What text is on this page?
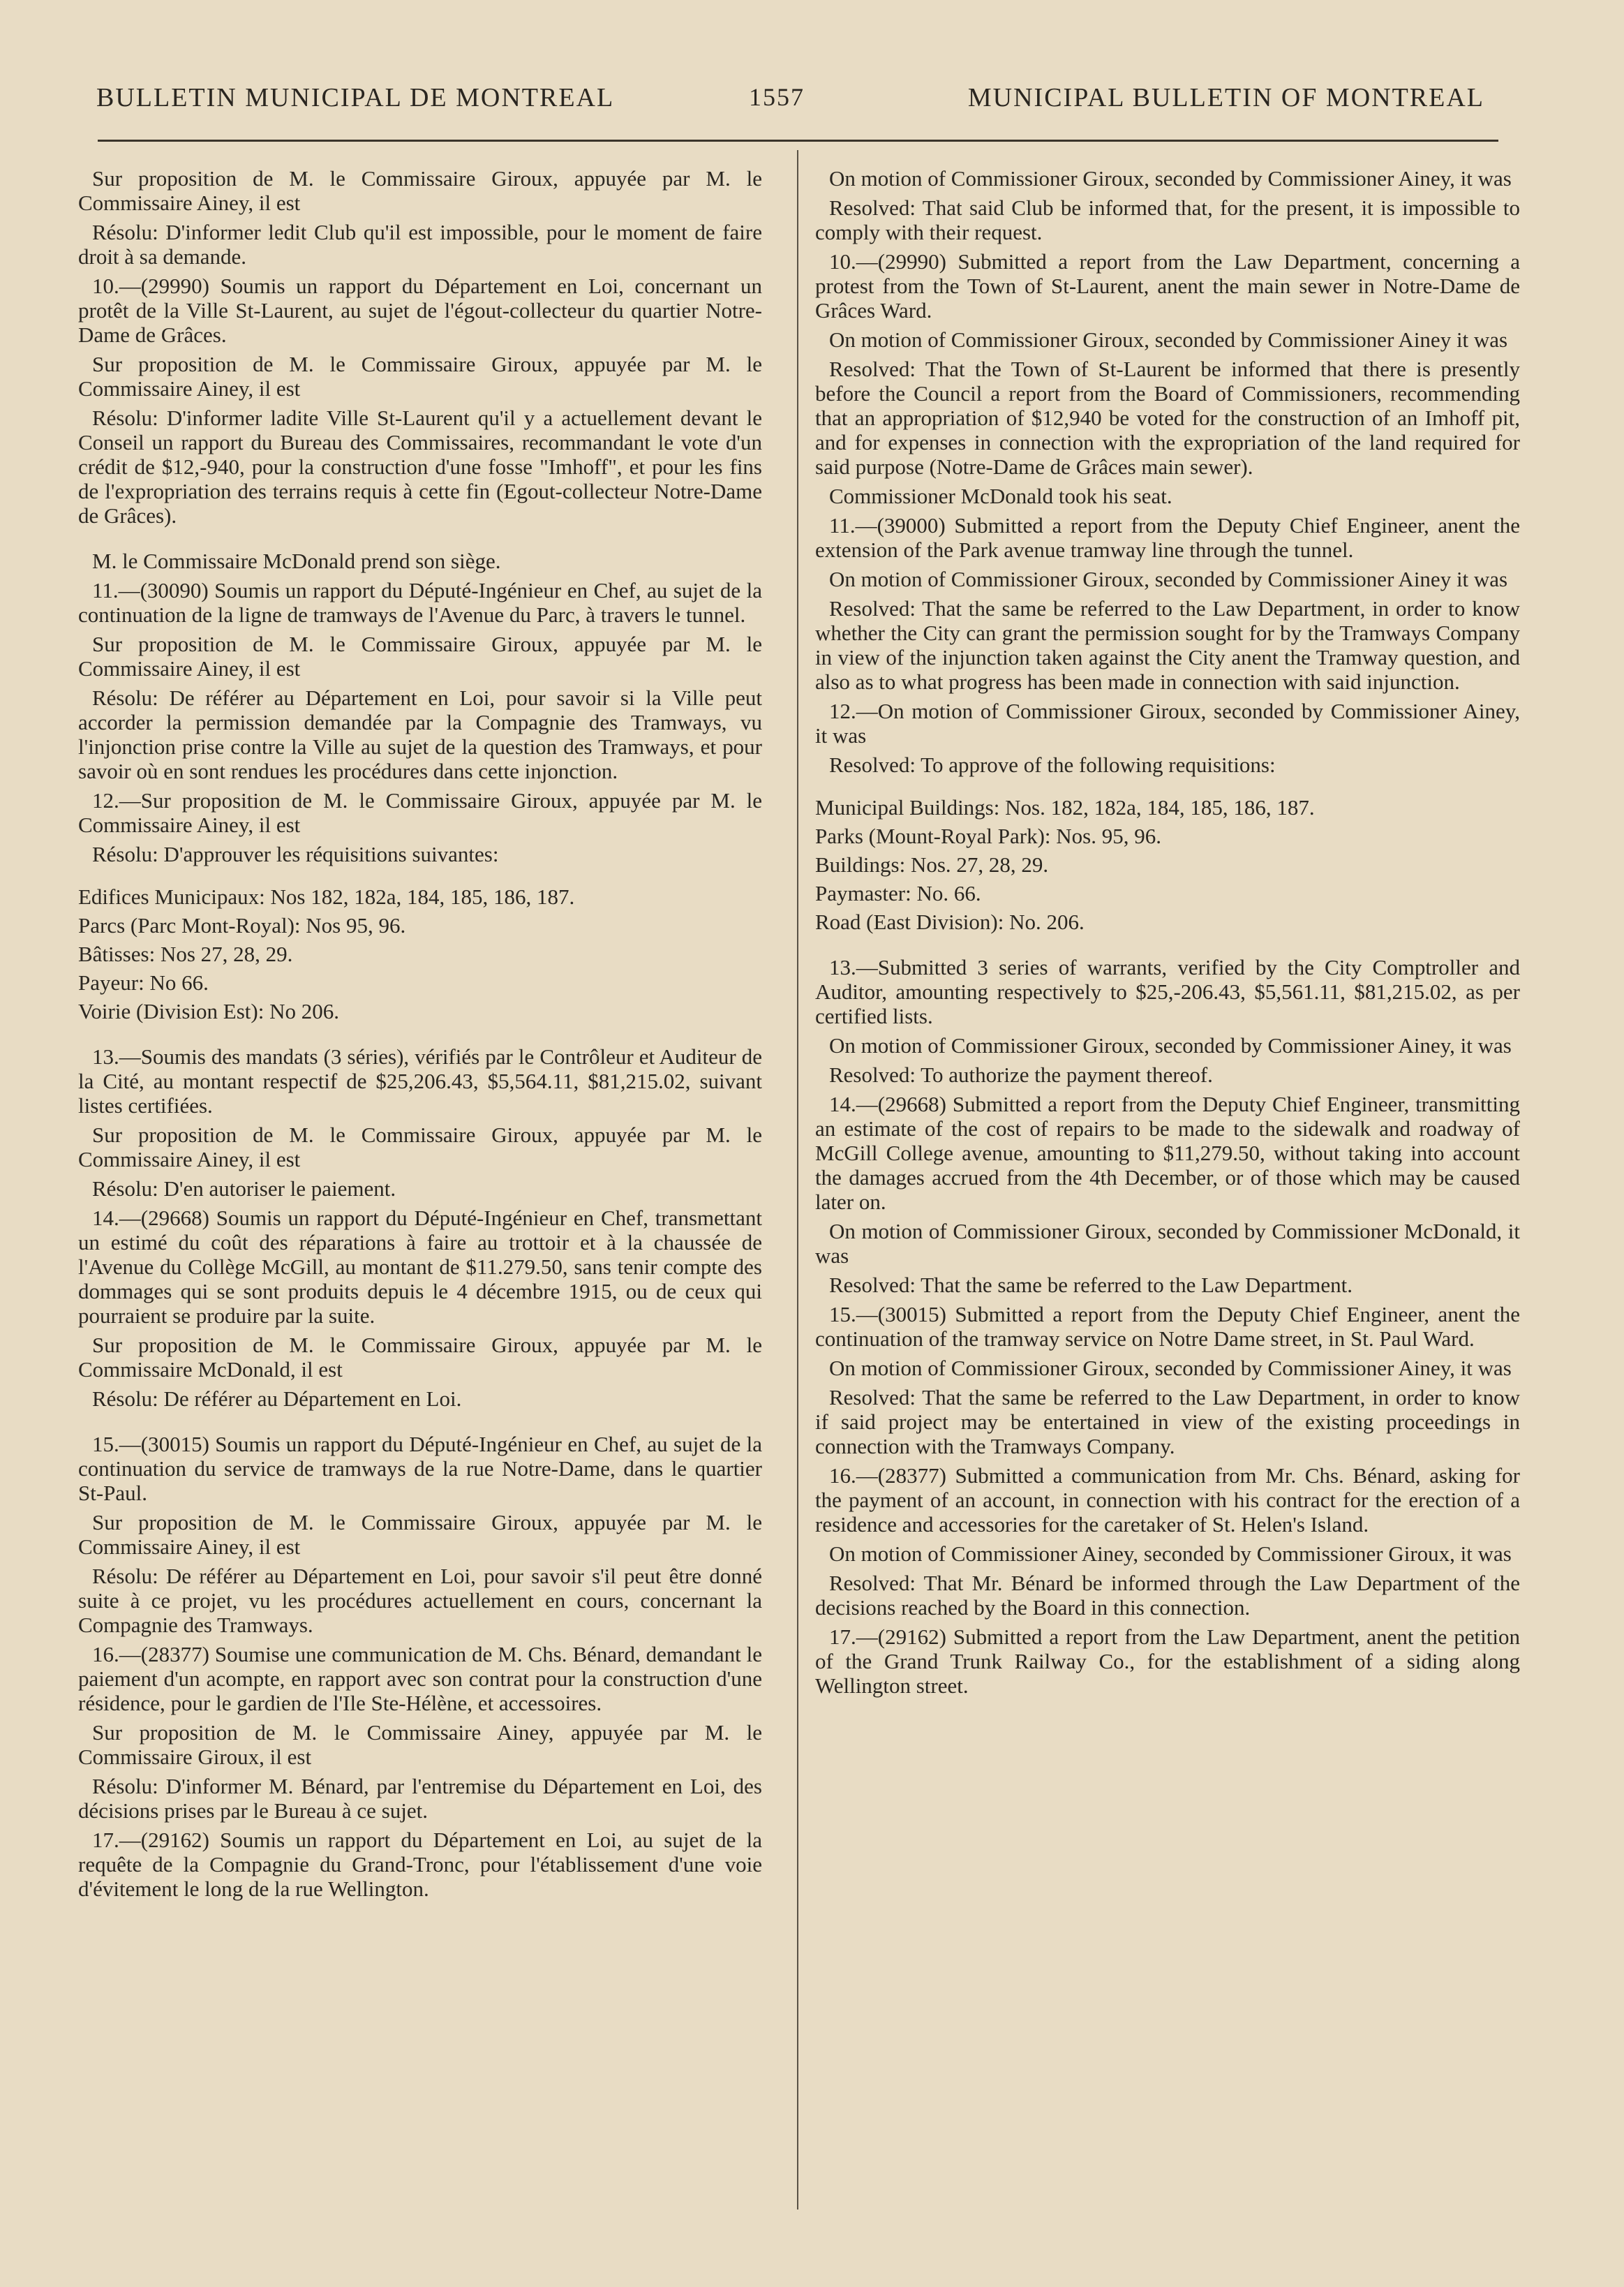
BULLETIN MUNICIPAL DE MONTREAL	1557	MUNICIPAL BULLETIN OF MONTREAL

Sur proposition de M. le Commissaire Giroux, appuyée par M. le Commissaire Ainey, il est

Résolu: D'informer ledit Club qu'il est impossible, pour le moment de faire droit à sa demande.

10.—(29990) Soumis un rapport du Département en Loi, concernant un protêt de la Ville St-Laurent, au sujet de l'égout-collecteur du quartier Notre-Dame de Grâces.

Sur proposition de M. le Commissaire Giroux, appuyée par M. le Commissaire Ainey, il est

Résolu: D'informer ladite Ville St-Laurent qu'il y a actuellement devant le Conseil un rapport du Bureau des Commissaires, recommandant le vote d'un crédit de $12,-940, pour la construction d'une fosse "Imhoff", et pour les fins de l'expropriation des terrains requis à cette fin (Egout-collecteur Notre-Dame de Grâces).

M. le Commissaire McDonald prend son siège.

11.—(30090) Soumis un rapport du Député-Ingénieur en Chef, au sujet de la continuation de la ligne de tramways de l'Avenue du Parc, à travers le tunnel.

Sur proposition de M. le Commissaire Giroux, appuyée par M. le Commissaire Ainey, il est

Résolu: De référer au Département en Loi, pour savoir si la Ville peut accorder la permission demandée par la Compagnie des Tramways, vu l'injonction prise contre la Ville au sujet de la question des Tramways, et pour savoir où en sont rendues les procédures dans cette injonction.

12.—Sur proposition de M. le Commissaire Giroux, appuyée par M. le Commissaire Ainey, il est

Résolu: D'approuver les réquisitions suivantes:

Edifices Municipaux: Nos 182, 182a, 184, 185, 186, 187.

Parcs (Parc Mont-Royal): Nos 95, 96.

Bâtisses: Nos 27, 28, 29.

Payeur: No 66.

Voirie (Division Est): No 206.

13.—Soumis des mandats (3 séries), vérifiés par le Contrôleur et Auditeur de la Cité, au montant respectif de $25,206.43, $5,564.11, $81,215.02, suivant listes certifiées.

Sur proposition de M. le Commissaire Giroux, appuyée par M. le Commissaire Ainey, il est

Résolu: D'en autoriser le paiement.

14.—(29668) Soumis un rapport du Député-Ingénieur en Chef, transmettant un estimé du coût des réparations à faire au trottoir et à la chaussée de l'Avenue du Collège McGill, au montant de $11.279.50, sans tenir compte des dommages qui se sont produits depuis le 4 décembre 1915, ou de ceux qui pourraient se produire par la suite.

Sur proposition de M. le Commissaire Giroux, appuyée par M. le Commissaire McDonald, il est

Résolu: De référer au Département en Loi.

15.—(30015) Soumis un rapport du Député-Ingénieur en Chef, au sujet de la continuation du service de tramways de la rue Notre-Dame, dans le quartier St-Paul.

Sur proposition de M. le Commissaire Giroux, appuyée par M. le Commissaire Ainey, il est

Résolu: De référer au Département en Loi, pour savoir s'il peut être donné suite à ce projet, vu les procédures actuellement en cours, concernant la Compagnie des Tramways.

16.—(28377) Soumise une communication de M. Chs. Bénard, demandant le paiement d'un acompte, en rapport avec son contrat pour la construction d'une résidence, pour le gardien de l'Ile Ste-Hélène, et accessoires.

Sur proposition de M. le Commissaire Ainey, appuyée par M. le Commissaire Giroux, il est

Résolu: D'informer M. Bénard, par l'entremise du Département en Loi, des décisions prises par le Bureau à ce sujet.

17.—(29162) Soumis un rapport du Département en Loi, au sujet de la requête de la Compagnie du Grand-Tronc, pour l'établissement d'une voie d'évitement le long de la rue Wellington.

On motion of Commissioner Giroux, seconded by Commissioner Ainey, it was

Resolved: That said Club be informed that, for the present, it is impossible to comply with their request.

10.—(29990) Submitted a report from the Law Department, concerning a protest from the Town of St-Laurent, anent the main sewer in Notre-Dame de Grâces Ward.

On motion of Commissioner Giroux, seconded by Commissioner Ainey it was

Resolved: That the Town of St-Laurent be informed that there is presently before the Council a report from the Board of Commissioners, recommending that an appropriation of $12,940 be voted for the construction of an Imhoff pit, and for expenses in connection with the expropriation of the land required for said purpose (Notre-Dame de Grâces main sewer).

Commissioner McDonald took his seat.

11.—(39000) Submitted a report from the Deputy Chief Engineer, anent the extension of the Park avenue tramway line through the tunnel.

On motion of Commissioner Giroux, seconded by Commissioner Ainey it was

Resolved: That the same be referred to the Law Department, in order to know whether the City can grant the permission sought for by the Tramways Company in view of the injunction taken against the City anent the Tramway question, and also as to what progress has been made in connection with said injunction.

12.—On motion of Commissioner Giroux, seconded by Commissioner Ainey, it was

Resolved: To approve of the following requisitions:

Municipal Buildings: Nos. 182, 182a, 184, 185, 186, 187.

Parks (Mount-Royal Park): Nos. 95, 96.

Buildings: Nos. 27, 28, 29.

Paymaster: No. 66.

Road (East Division): No. 206.

13.—Submitted 3 series of warrants, verified by the City Comptroller and Auditor, amounting respectively to $25,-206.43, $5,561.11, $81,215.02, as per certified lists.

On motion of Commissioner Giroux, seconded by Commissioner Ainey, it was

Resolved: To authorize the payment thereof.

14.—(29668) Submitted a report from the Deputy Chief Engineer, transmitting an estimate of the cost of repairs to be made to the sidewalk and roadway of McGill College avenue, amounting to $11,279.50, without taking into account the damages accrued from the 4th December, or of those which may be caused later on.

On motion of Commissioner Giroux, seconded by Commissioner McDonald, it was

Resolved: That the same be referred to the Law Department.

15.—(30015) Submitted a report from the Deputy Chief Engineer, anent the continuation of the tramway service on Notre Dame street, in St. Paul Ward.

On motion of Commissioner Giroux, seconded by Commissioner Ainey, it was

Resolved: That the same be referred to the Law Department, in order to know if said project may be entertained in view of the existing proceedings in connection with the Tramways Company.

16.—(28377) Submitted a communication from Mr. Chs. Bénard, asking for the payment of an account, in connection with his contract for the erection of a residence and accessories for the caretaker of St. Helen's Island.

On motion of Commissioner Ainey, seconded by Commissioner Giroux, it was

Resolved: That Mr. Bénard be informed through the Law Department of the decisions reached by the Board in this connection.

17.—(29162) Submitted a report from the Law Department, anent the petition of the Grand Trunk Railway Co., for the establishment of a siding along Wellington street.
